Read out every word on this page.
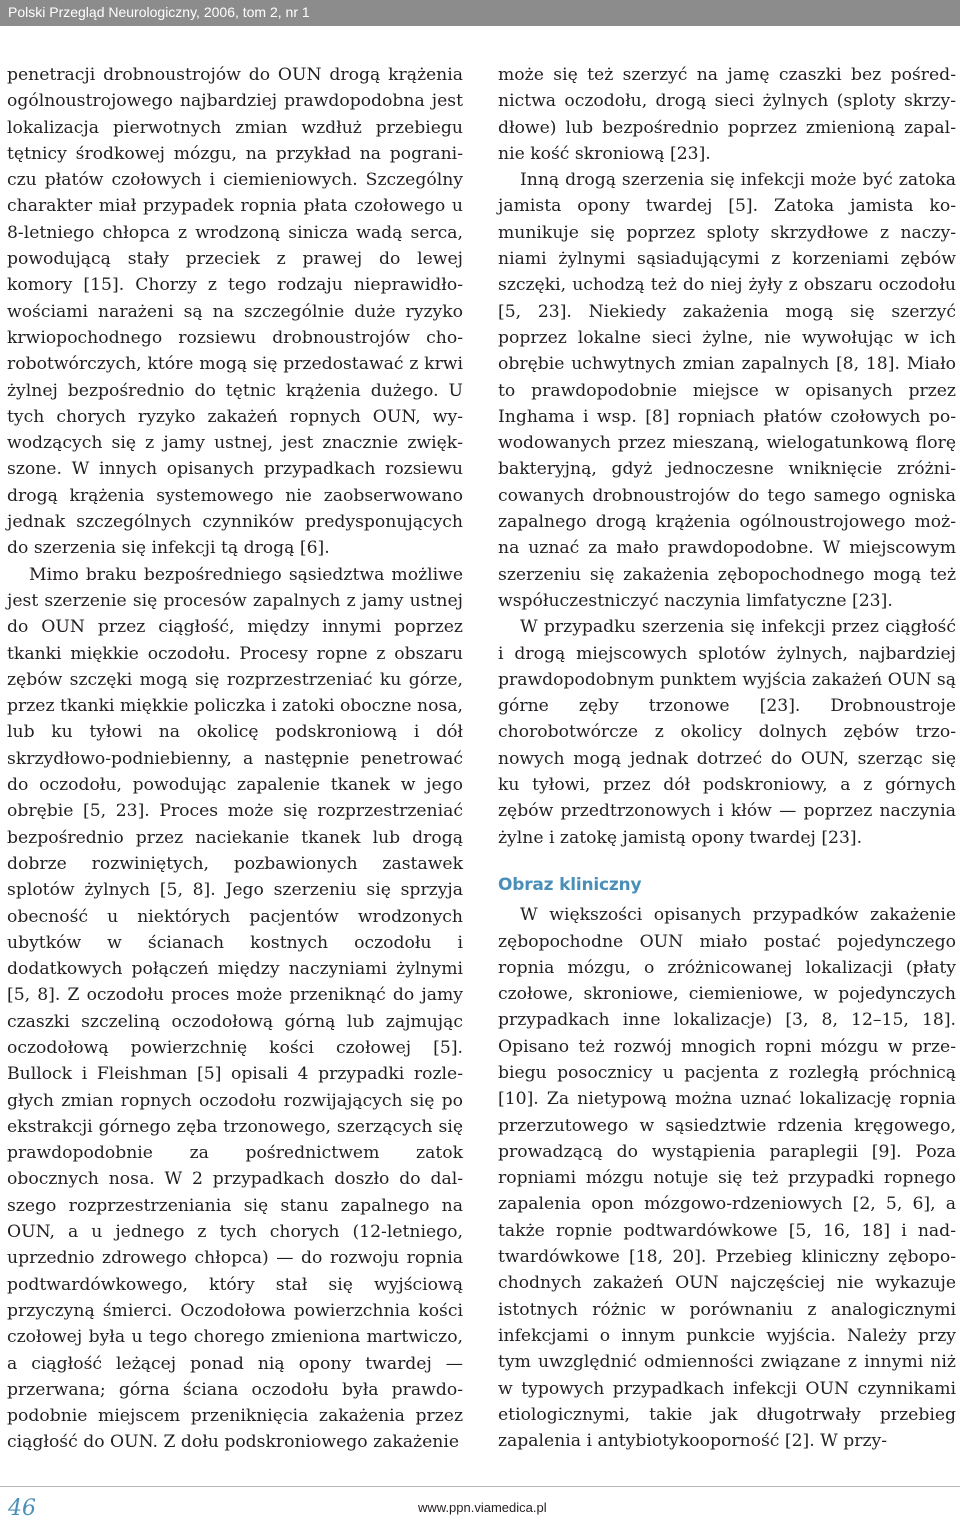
Polski Przegląd Neurologiczny, 2006, tom 2, nr 1

penetracji drobnoustrojów do OUN drogą krążenia ogólnoustrojowego najbardziej prawdopodobna jest lokalizacja pierwotnych zmian wzdłuż przebiegu tętnicy środkowej mózgu, na przykład na pograniczu płatów czołowych i ciemieniowych. Szczególny charakter miał przypadek ropnia płata czołowego u 8-letniego chłopca z wrodzoną sinicza wadą serca, powodującą stały przeciek z prawej do lewej komory [15]. Chorzy z tego rodzaju nieprawidłowościami narażeni są na szczególnie duże ryzyko krwiopochodnego rozsiewu drobnoustrojów chorobotwórczych, które mogą się przedostawać z krwi żylnej bezpośrednio do tętnic krążenia dużego. U tych chorych ryzyko zakażeń ropnych OUN, wywodzących się z jamy ustnej, jest znacznie zwiększone. W innych opisanych przypadkach rozsiewu drogą krążenia systemowego nie zaobserwowano jednak szczególnych czynników predysponujących do szerzenia się infekcji tą drogą [6].

Mimo braku bezpośredniego sąsiedztwa możliwe jest szerzenie się procesów zapalnych z jamy ustnej do OUN przez ciągłość, między innymi poprzez tkanki miękkie oczodołu. Procesy ropne z obszaru zębów szczęki mogą się rozprzestrzeniać ku górze, przez tkanki miękkie policzka i zatoki oboczne nosa, lub ku tyłowi na okolicę podskroniową i dół skrzydłowo-podniebienny, a następnie penetrować do oczodołu, powodując zapalenie tkanek w jego obrębie [5, 23]. Proces może się rozprzestrzeniać bezpośrednio przez naciekanie tkanek lub drogą dobrze rozwiniętych, pozbawionych zastawek splotów żylnych [5, 8]. Jego szerzeniu się sprzyja obecność u niektórych pacjentów wrodzonych ubytków w ścianach kostnych oczodołu i dodatkowych połączeń między naczyniami żylnymi [5, 8]. Z oczodołu proces może przeniknąć do jamy czaszki szczeliną oczodołową górną lub zajmując oczodołową powierzchnię kości czołowej [5]. Bullock i Fleishman [5] opisali 4 przypadki rozległych zmian ropnych oczodołu rozwijających się po ekstrakcji górnego zęba trzonowego, szerzących się prawdopodobnie za pośrednictwem zatok obocznych nosa. W 2 przypadkach doszło do dalszego rozprzestrzeniania się stanu zapalnego na OUN, a u jednego z tych chorych (12-letniego, uprzednio zdrowego chłopca) — do rozwoju ropnia podtwardówkowego, który stał się wyjściową przyczyną śmierci. Oczodołowa powierzchnia kości czołowej była u tego chorego zmieniona martwiczo, a ciągłość leżącej ponad nią opony twardej — przerwana; górna ściana oczodołu była prawdopodobnie miejscem przeniknięcia zakażenia przez ciągłość do OUN. Z dołu podskroniowego zakażenie

może się też szerzyć na jamę czaszki bez pośrednictwa oczodołu, drogą sieci żylnych (sploty skrzydłowe) lub bezpośrednio poprzez zmienioną zapalnie kość skroniową [23].

Inną drogą szerzenia się infekcji może być zatoka jamista opony twardej [5]. Zatoka jamista komunikuje się poprzez sploty skrzydłowe z naczyniami żylnymi sąsiadującymi z korzeniami zębów szczęki, uchodzą też do niej żyły z obszaru oczodołu [5, 23]. Niekiedy zakażenia mogą się szerzyć poprzez lokalne sieci żylne, nie wywołując w ich obrębie uchwytnych zmian zapalnych [8, 18]. Miało to prawdopodobnie miejsce w opisanych przez Inghama i wsp. [8] ropniach płatów czołowych powodowanych przez mieszaną, wielogatunkową florę bakteryjną, gdyż jednoczesne wniknięcie zróżnicowanych drobnoustrojów do tego samego ogniska zapalnego drogą krążenia ogólnoustrojowego można uznać za mało prawdopodobne. W miejscowym szerzeniu się zakażenia zębopochodnego mogą też współuczestniczyć naczynia limfatyczne [23].

W przypadku szerzenia się infekcji przez ciągłość i drogą miejscowych splotów żylnych, najbardziej prawdopodobnym punktem wyjścia zakażeń OUN są górne zęby trzonowe [23]. Drobnoustroje chorobotwórcze z okolicy dolnych zębów trzonowych mogą jednak dotrzeć do OUN, szerząc się ku tyłowi, przez dół podskroniowy, a z górnych zębów przedtrzonowych i kłów — poprzez naczynia żylne i zatokę jamistą opony twardej [23].

Obraz kliniczny

W większości opisanych przypadków zakażenie zębopochodne OUN miało postać pojedynczego ropnia mózgu, o zróżnicowanej lokalizacji (płaty czołowe, skroniowe, ciemieniowe, w pojedynczych przypadkach inne lokalizacje) [3, 8, 12–15, 18]. Opisano też rozwój mnogich ropni mózgu w przebiegu posocznicy u pacjenta z rozległą próchnicą [10]. Za nietypową można uznać lokalizację ropnia przerzutowego w sąsiedztwie rdzenia kręgowego, prowadzącą do wystąpienia paraplegii [9]. Poza ropniami mózgu notuje się też przypadki ropnego zapalenia opon mózgowo-rdzeniowych [2, 5, 6], a także ropnie podtwardówkowe [5, 16, 18] i nadtwardówkowe [18, 20]. Przebieg kliniczny zębopochodnych zakażeń OUN najczęściej nie wykazuje istotnych różnic w porównaniu z analogicznymi infekcjami o innym punkcie wyjścia. Należy przy tym uwzględnić odmienności związane z innymi niż w typowych przypadkach infekcji OUN czynnikami etiologicznymi, takie jak długotrwały przebieg zapalenia i antybiotykooporność [2]. W przy-

46	www.ppn.viamedica.pl
